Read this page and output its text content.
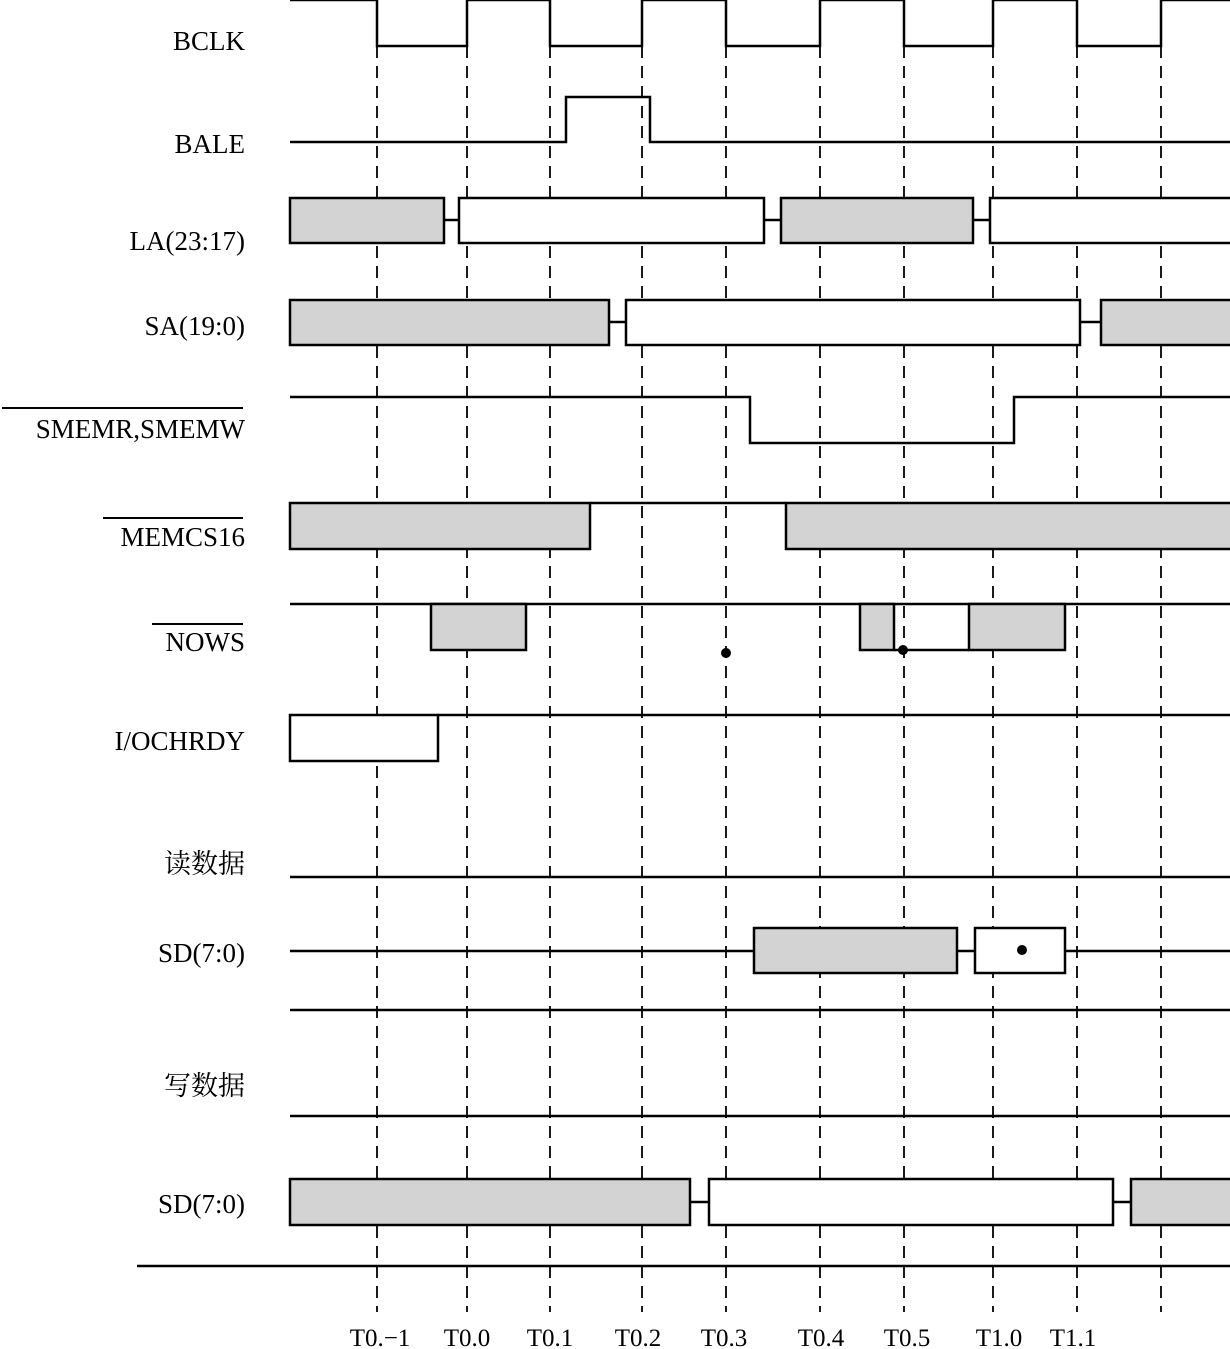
BCLK
BALE
LA(23:17)
SA(19:0)
SMEMR,SMEMW
MEMCS16
NOWS
I/OCHRDY
读数据
SD(7:0)
写数据
SD(7:0)
T0.−1 T0.0 T0.1 T0.2 T0.3 T0.4 T0.5 T1.0 T1.1
